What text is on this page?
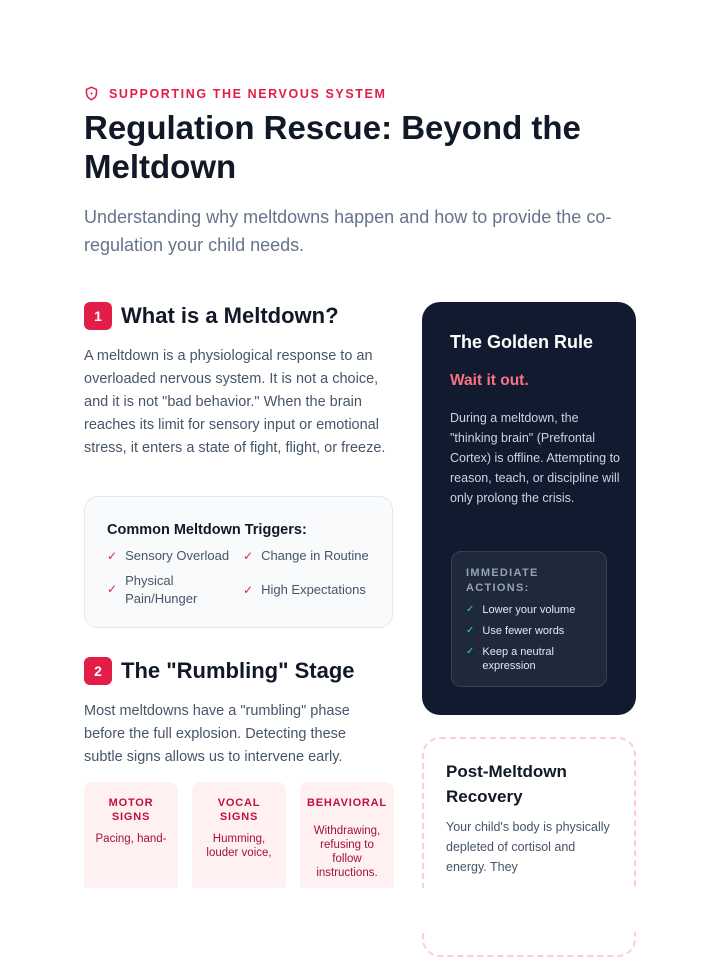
SUPPORTING THE NERVOUS SYSTEM
Regulation Rescue: Beyond the Meltdown

Understanding why meltdowns happen and how to provide the co-regulation your child needs.

1 What is a Meltdown?

A meltdown is a physiological response to an overloaded nervous system. It is not a choice, and it is not "bad behavior." When the brain reaches its limit for sensory input or emotional stress, it enters a state of fight, flight, or freeze.

Common Meltdown Triggers:
✓ Sensory Overload ✓ Change in Routine
✓
Physical Pain/Hunger
✓ High Expectations
2 The "Rumbling" Stage

Most meltdowns have a "rumbling" phase before the full explosion. Detecting these subtle signs allows us to intervene early.

MOTOR SIGNS
Pacing, hand-
VOCAL SIGNS
Humming, louder voice,
BEHAVIORAL
Withdrawing, refusing to follow instructions.
The Golden Rule
Wait it out.
During a meltdown, the "thinking brain" (Prefrontal Cortex) is offline. Attempting to reason, teach, or discipline will only prolong the crisis.
IMMEDIATE ACTIONS:
✓ Lower your volume
✓ Use fewer words
✓ Keep a neutral expression
Post-Meltdown Recovery
Your child's body is physically depleted of cortisol and energy. They
